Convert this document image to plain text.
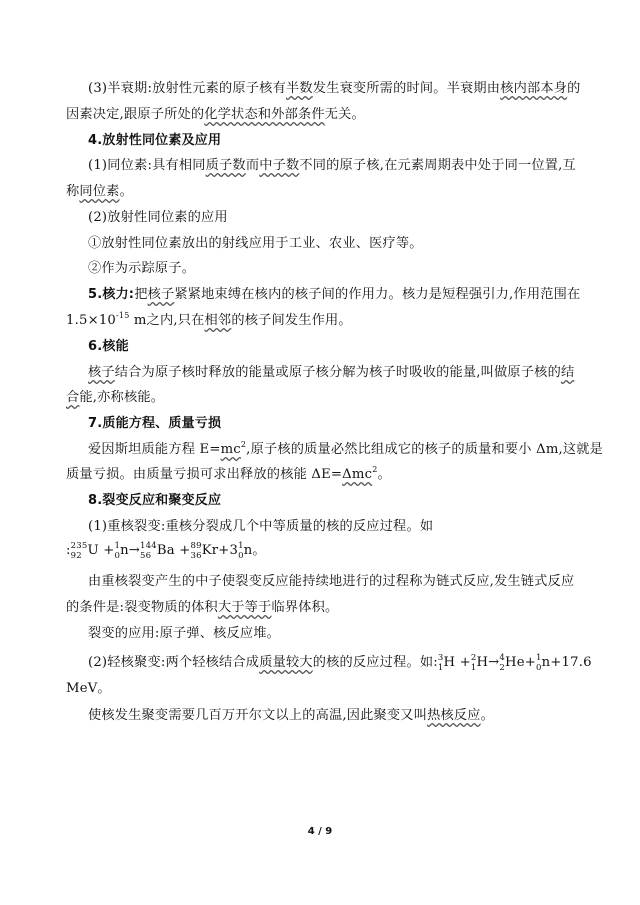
(3)半衰期:放射性元素的原子核有半数发生衰变所需的时间。半衰期由核内部本身的
因素决定,跟原子所处的化学状态和外部条件无关。
4.放射性同位素及应用
(1)同位素:具有相同质子数而中子数不同的原子核,在元素周期表中处于同一位置,互
称同位素。
(2)放射性同位素的应用
①放射性同位素放出的射线应用于工业、农业、医疗等。
②作为示踪原子。
5.核力:把核子紧紧地束缚在核内的核子间的作用力。核力是短程强引力,作用范围在
$1.5\times 10^{-15}$ m之内,只在相邻的核子间发生作用。
6.核能
核子结合为原子核时释放的能量或原子核分解为核子时吸收的能量,叫做原子核的结
合能,亦称核能。
7.质能方程、质量亏损
爱因斯坦质能方程 $E=mc^2$,原子核的质量必然比组成它的核子的质量和要小 Δm,这就是
质量亏损。由质量亏损可求出释放的核能 ΔE=Δmc$^2$。
8.裂变反应和聚变反应
(1)重核裂变:重核分裂成几个中等质量的核的反应过程。如
: 235
92 U + 1
0 n→ 144
56 Ba + 89
36 Kr+3 1
0 n。
由重核裂变产生的中子使裂变反应能持续地进行的过程称为链式反应,发生链式反应
的条件是:裂变物质的体积大于等于临界体积。
裂变的应用:原子弹、核反应堆。
(2)轻核聚变:两个轻核结合成质量较大的核的反应过程。如: 3
1 H + 2
1 H→ 4
2 He+ 1
0 n+17.6
MeV。
使核发生聚变需要几百万开尔文以上的高温,因此聚变又叫热核反应。
4 / 9
